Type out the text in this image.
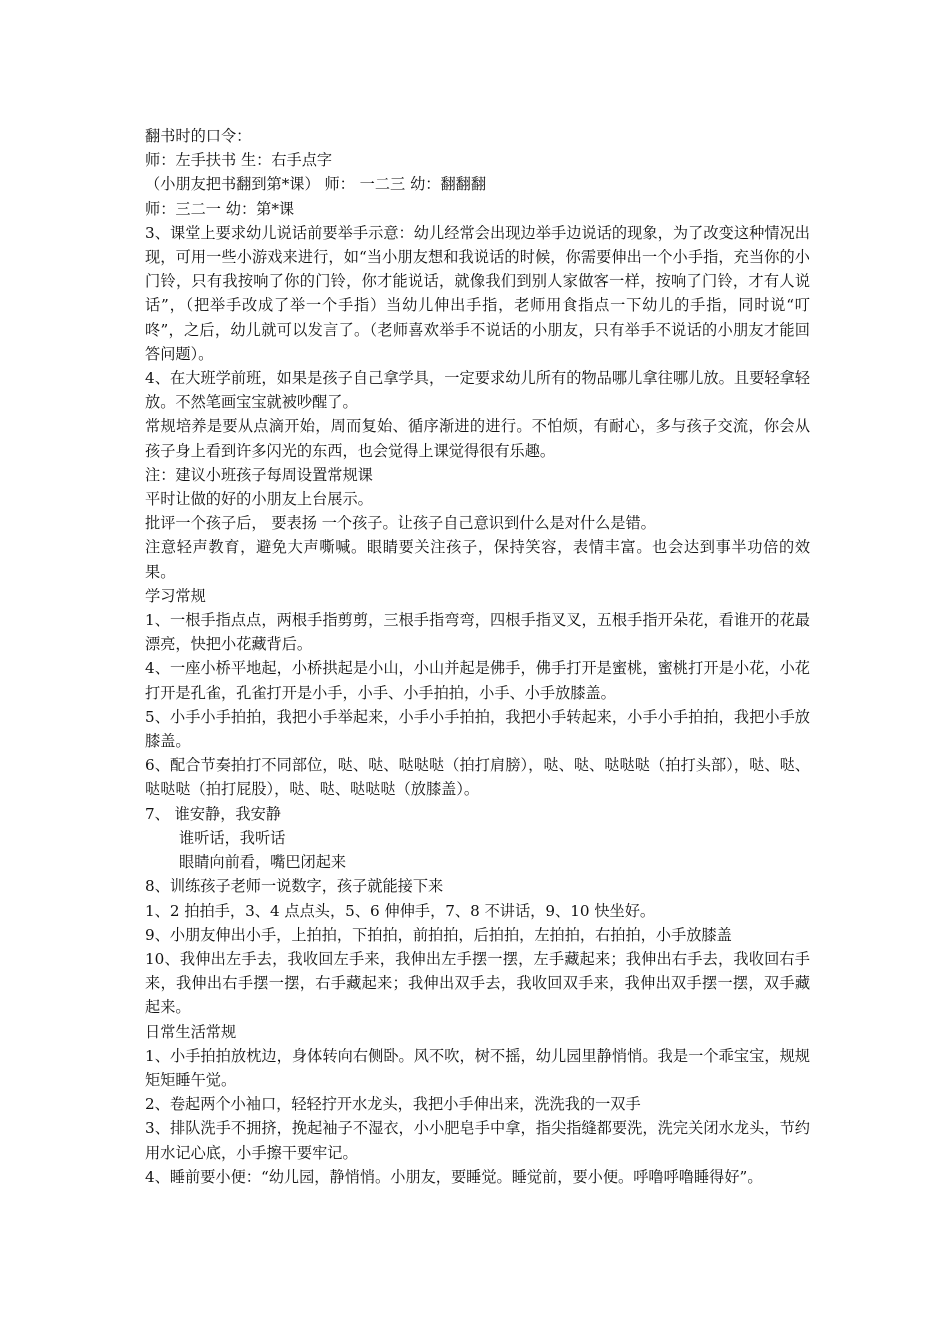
翻书时的口令：

师：左手扶书 生：右手点字

（小朋友把书翻到第*课） 师： 一二三 幼：翻翻翻

师：三二一 幼：第*课

3、课堂上要求幼儿说话前要举手示意：幼儿经常会出现边举手边说话的现象，为了改变这种情况出现，可用一些小游戏来进行，如“当小朋友想和我说话的时候，你需要伸出一个小手指，充当你的小门铃，只有我按响了你的门铃，你才能说话，就像我们到别人家做客一样，按响了门铃，才有人说话”，（把举手改成了举一个手指）当幼儿伸出手指，老师用食指点一下幼儿的手指，同时说“叮咚”，之后，幼儿就可以发言了。（老师喜欢举手不说话的小朋友，只有举手不说话的小朋友才能回答问题）。

4、在大班学前班，如果是孩子自己拿学具，一定要求幼儿所有的物品哪儿拿往哪儿放。且要轻拿轻放。不然笔画宝宝就被吵醒了。

常规培养是要从点滴开始，周而复始、循序渐进的进行。不怕烦，有耐心，多与孩子交流，你会从孩子身上看到许多闪光的东西，也会觉得上课觉得很有乐趣。

注：建议小班孩子每周设置常规课

平时让做的好的小朋友上台展示。

批评一个孩子后， 要表扬 一个孩子。让孩子自己意识到什么是对什么是错。

注意轻声教育，避免大声嘶喊。眼睛要关注孩子，保持笑容，表情丰富。也会达到事半功倍的效果。

学习常规

1、一根手指点点，两根手指剪剪，三根手指弯弯，四根手指叉叉，五根手指开朵花，看谁开的花最漂亮，快把小花藏背后。

4、一座小桥平地起，小桥拱起是小山，小山并起是佛手，佛手打开是蜜桃，蜜桃打开是小花，小花打开是孔雀，孔雀打开是小手，小手、小手拍拍，小手、小手放膝盖。

5、小手小手拍拍，我把小手举起来，小手小手拍拍，我把小手转起来，小手小手拍拍，我把小手放膝盖。

6、配合节奏拍打不同部位，哒、哒、哒哒哒（拍打肩膀），哒、哒、哒哒哒（拍打头部），哒、哒、哒哒哒（拍打屁股），哒、哒、哒哒哒（放膝盖）。

7、 谁安静，我安静

谁听话，我听话

眼睛向前看，嘴巴闭起来

8、训练孩子老师一说数字，孩子就能接下来

1、2 拍拍手，3、4 点点头，5、6 伸伸手，7、8 不讲话，9、10 快坐好。

9、小朋友伸出小手，上拍拍，下拍拍，前拍拍，后拍拍，左拍拍，右拍拍，小手放膝盖

10、我伸出左手去，我收回左手来，我伸出左手摆一摆，左手藏起来；我伸出右手去，我收回右手来，我伸出右手摆一摆，右手藏起来；我伸出双手去，我收回双手来，我伸出双手摆一摆，双手藏起来。

日常生活常规

1、小手拍拍放枕边，身体转向右侧卧。风不吹，树不摇，幼儿园里静悄悄。我是一个乖宝宝，规规矩矩睡午觉。

2、卷起两个小袖口，轻轻拧开水龙头，我把小手伸出来，洗洗我的一双手

3、排队洗手不拥挤，挽起袖子不湿衣，小小肥皂手中拿，指尖指缝都要洗，洗完关闭水龙头，节约用水记心底，小手擦干要牢记。

4、睡前要小便：“幼儿园，静悄悄。小朋友，要睡觉。睡觉前，要小便。呼噜呼噜睡得好”。
